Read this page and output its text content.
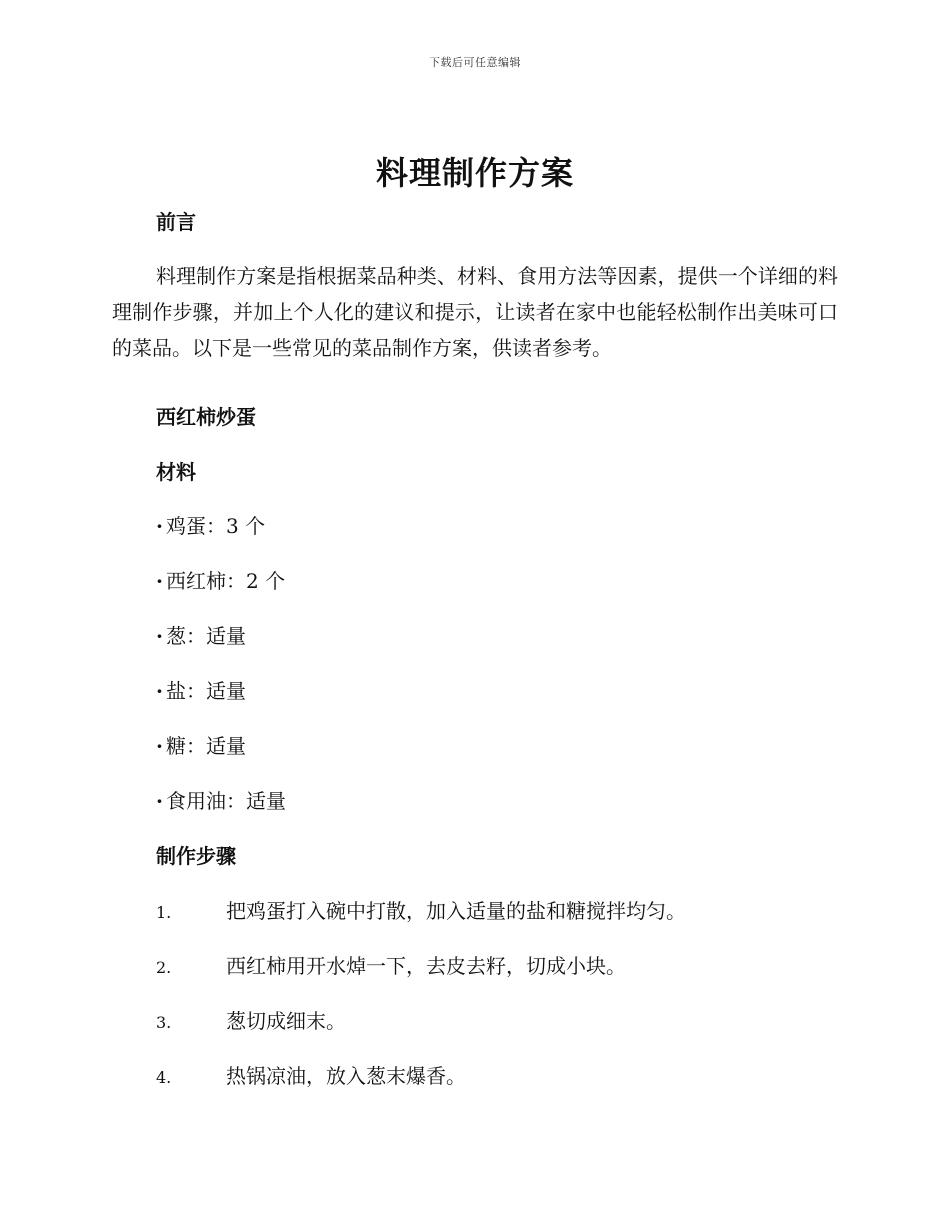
下载后可任意编辑
料理制作方案
前言

料理制作方案是指根据菜品种类、材料、食用方法等因素，提供一个详细的料理制作步骤，并加上个人化的建议和提示，让读者在家中也能轻松制作出美味可口的菜品。以下是一些常见的菜品制作方案，供读者参考。

西红柿炒蛋
材料

· 鸡蛋：3 个

· 西红柿：2 个

· 葱：适量

· 盐：适量

· 糖：适量

· 食用油：适量

制作步骤

1.	把鸡蛋打入碗中打散，加入适量的盐和糖搅拌均匀。

2.	西红柿用开水焯一下，去皮去籽，切成小块。

3.	葱切成细末。

4.	热锅凉油，放入葱末爆香。
